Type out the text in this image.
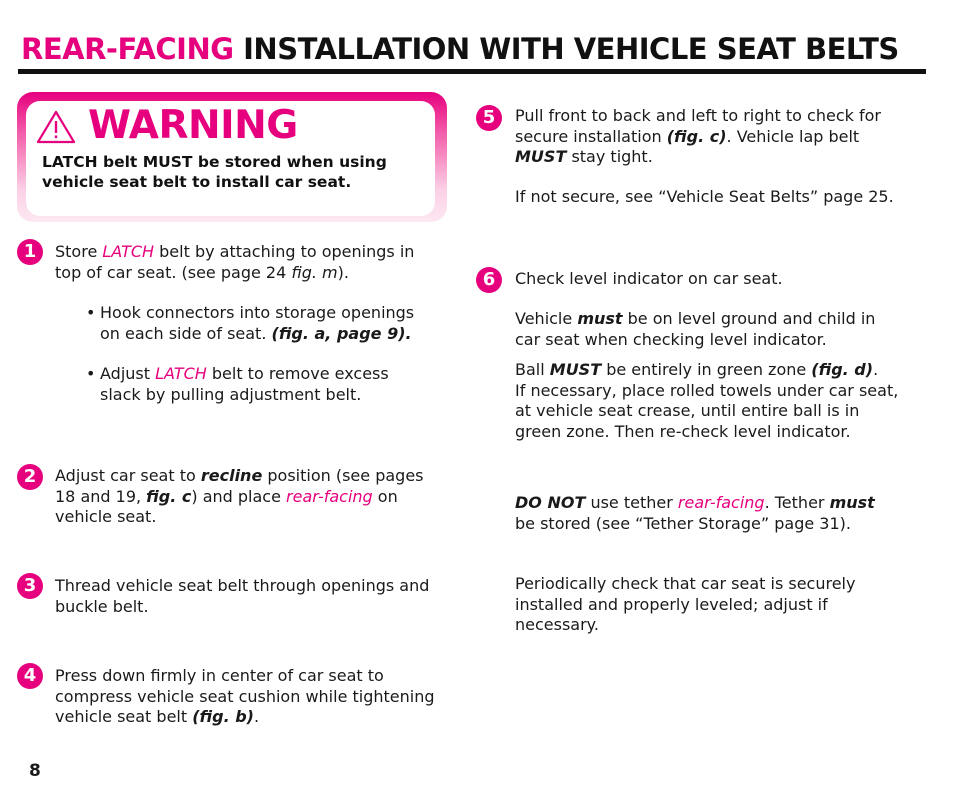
REAR-FACING INSTALLATION WITH VEHICLE SEAT BELTS
WARNING
LATCH belt MUST be stored when using
vehicle seat belt to install car seat.
1	Store LATCH belt by attaching to openings in top of car seat. (see page 24 fig. m).
• Hook connectors into storage openings on each side of seat. (fig. a, page 9).
• Adjust LATCH belt to remove excess slack by pulling adjustment belt.
2	Adjust car seat to recline position (see pages 18 and 19, fig. c) and place rear-facing on vehicle seat.
3	Thread vehicle seat belt through openings and buckle belt.
4	Press down firmly in center of car seat to compress vehicle seat cushion while tightening vehicle seat belt (fig. b).
5	Pull front to back and left to right to check for secure installation (fig. c). Vehicle lap belt MUST stay tight.
If not secure, see “Vehicle Seat Belts” page 25.
6	Check level indicator on car seat.
Vehicle must be on level ground and child in car seat when checking level indicator.
Ball MUST be entirely in green zone (fig. d).
If necessary, place rolled towels under car seat, at vehicle seat crease, until entire ball is in green zone. Then re-check level indicator.
DO NOT use tether rear-facing. Tether must be stored (see “Tether Storage” page 31).
Periodically check that car seat is securely installed and properly leveled; adjust if necessary.
8
